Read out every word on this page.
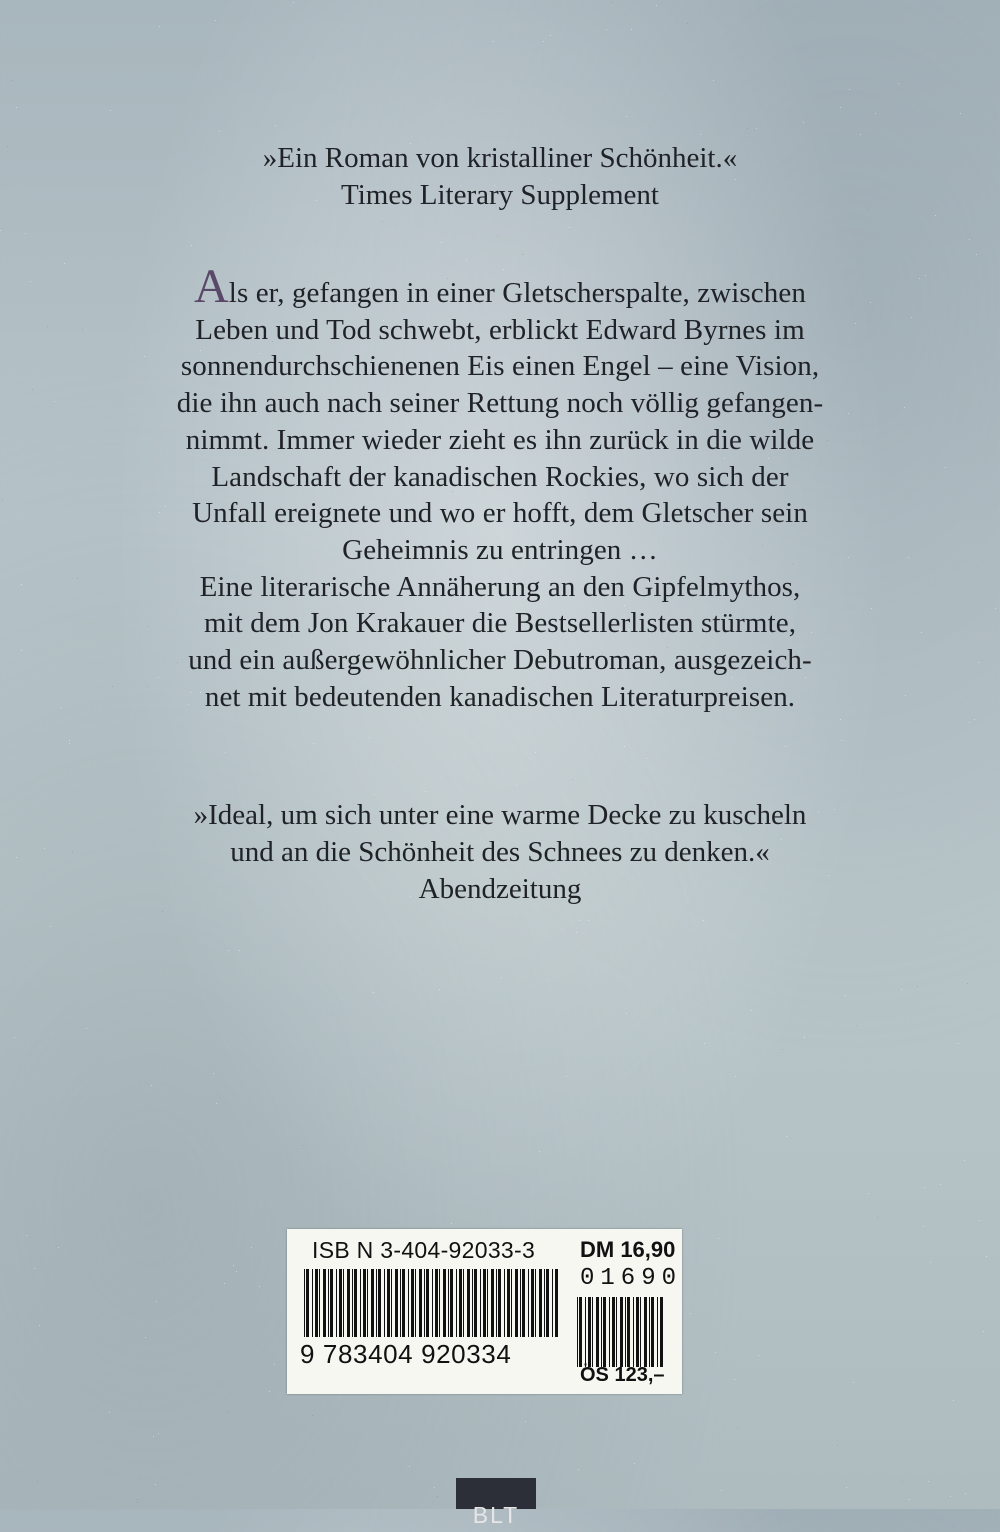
»Ein Roman von kristalliner Schönheit.«
Times Literary Supplement
Als er, gefangen in einer Gletscherspalte, zwischen
Leben und Tod schwebt, erblickt Edward Byrnes im
sonnendurchschienenen Eis einen Engel – eine Vision,
die ihn auch nach seiner Rettung noch völlig gefangen-
nimmt. Immer wieder zieht es ihn zurück in die wilde
Landschaft der kanadischen Rockies, wo sich der
Unfall ereignete und wo er hofft, dem Gletscher sein
Geheimnis zu entringen …
Eine literarische Annäherung an den Gipfelmythos,
mit dem Jon Krakauer die Bestsellerlisten stürmte,
und ein außergewöhnlicher Debutroman, ausgezeich-
net mit bedeutenden kanadischen Literaturpreisen.
»Ideal, um sich unter eine warme Decke zu kuscheln
und an die Schönheit des Schnees zu denken.«
Abendzeitung
ISB N 3-404-92033-3 DM 16,90
01690
9 783404 920334
ÖS 123,–
BLT
